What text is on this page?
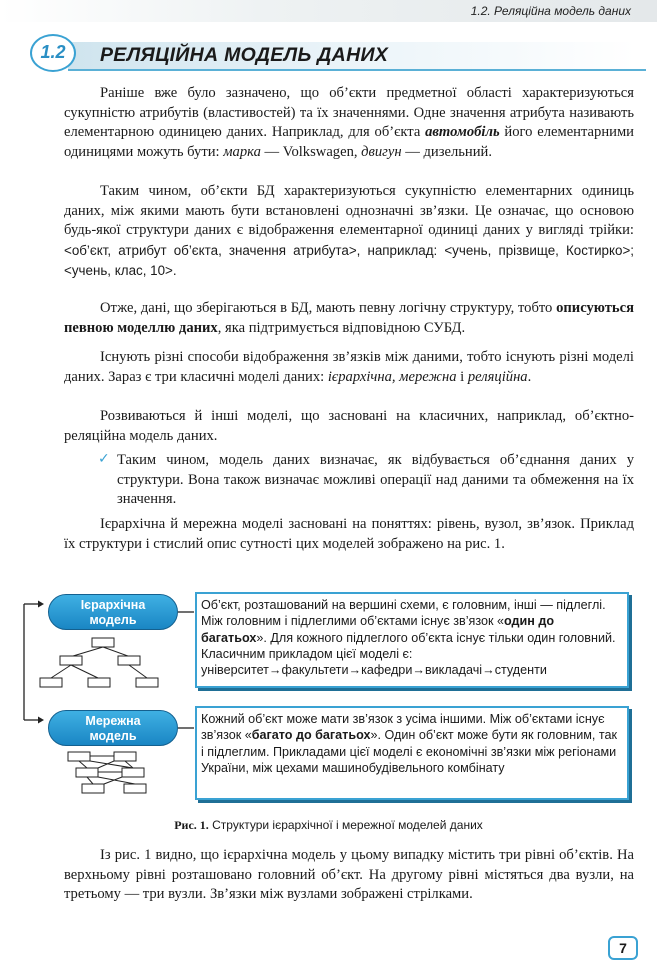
1.2. Реляційна модель даних
1.2	РЕЛЯЦІЙНА МОДЕЛЬ ДАНИХ

Раніше вже було зазначено, що об’єкти предметної області характеризуються сукупністю атрибутів (властивостей) та їх значеннями. Одне значення атрибута називають елементарною одиницею даних. Наприклад, для об’єкта автомобіль його елементарними одиницями можуть бути: марка — Volkswagen, двигун — дизельний.

Таким чином, об’єкти БД характеризуються сукупністю елементарних одиниць даних, між якими мають бути встановлені однозначні зв’язки. Це означає, що основою будь-якої структури даних є відображення елементарної одиниці даних у вигляді трійки: <об’єкт, атрибут об’єкта, значення атрибута>, наприклад: <учень, прізвище, Костирко>; <учень, клас, 10>.

Отже, дані, що зберігаються в БД, мають певну логічну структуру, тобто описуються певною моделлю даних, яка підтримується відповідною СУБД.

Існують різні способи відображення зв’язків між даними, тобто існують різні моделі даних. Зараз є три класичні моделі даних: ієрархічна, мережна і реляційна.

Розвиваються й інші моделі, що засновані на класичних, наприклад, об’єктно-реляційна модель даних.

✓ Таким чином, модель даних визначає, як відбувається об’єднання даних у структури. Вона також визначає можливі операції над даними та обмеження на їх значення.

Ієрархічна й мережна моделі засновані на поняттях: рівень, вузол, зв’язок. Приклад їх структури і стислий опис сутності цих моделей зображено на рис. 1.

Ієрархічна
модель
Об’єкт, розташований на вершині схеми, є головним, інші — підлеглі. Між головним і підлеглими об’єктами існує зв’язок «один до багатьох». Для кожного підлеглого об’єкта існує тільки один головний. Класичним прикладом цієї моделі є: університет→факультети→кафедри→викладачі→студенти
Мережна
модель
Кожний об’єкт може мати зв’язок з усіма іншими. Між об’єктами існує зв’язок «багато до багатьох». Один об’єкт може бути як головним, так і підлеглим. Прикладами цієї моделі є економічні зв’язки між регіонами України, між цехами машинобудівельного комбінату
Рис. 1. Структури ієрархічної і мережної моделей даних

Із рис. 1 видно, що ієрархічна модель у цьому випадку містить три рівні об’єктів. На верхньому рівні розташовано головний об’єкт. На другому рівні містяться два вузли, на третьому — три вузли. Зв’язки між вузлами зображені стрілками.

7
